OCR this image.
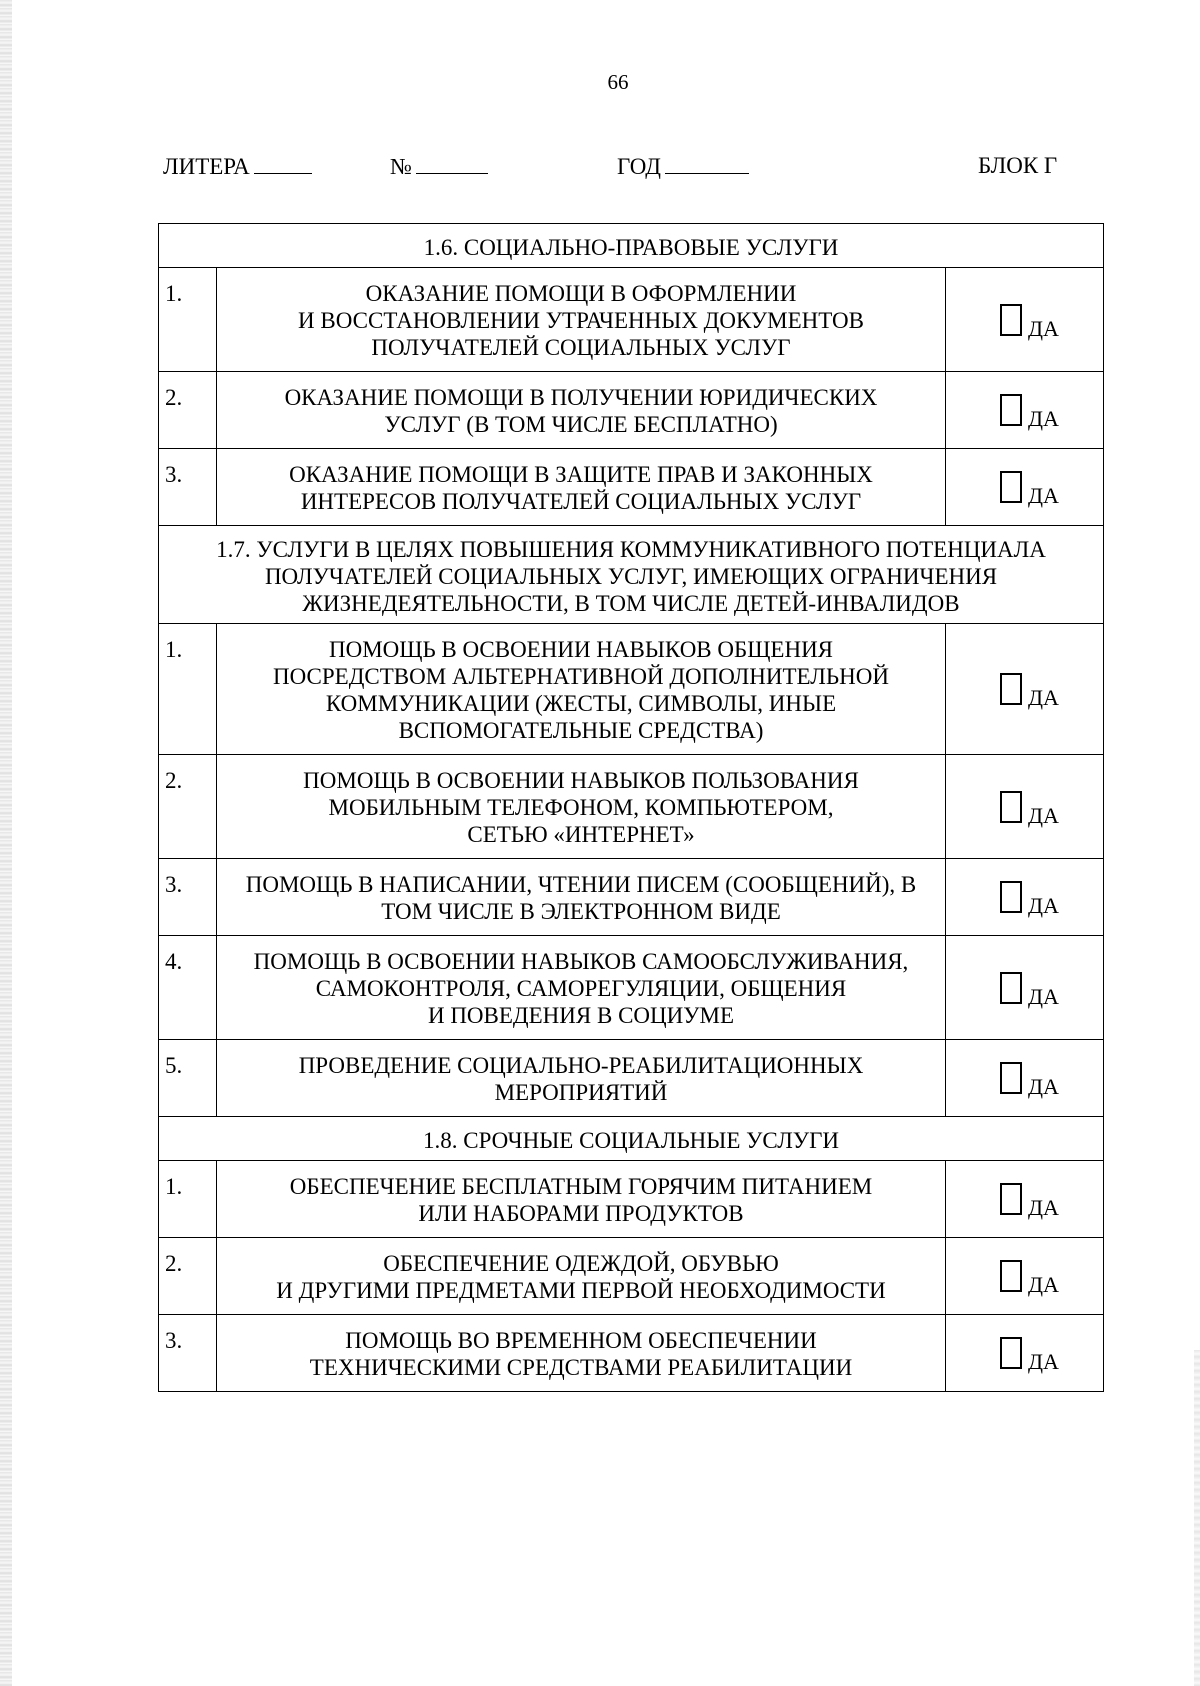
66
ЛИТЕРА	№	ГОД	БЛОК Г
1.6. СОЦИАЛЬНО-ПРАВОВЫЕ УСЛУГИ		
1.	ОКАЗАНИЕ ПОМОЩИ В ОФОРМЛЕНИИ
И ВОССТАНОВЛЕНИИ УТРАЧЕННЫХ ДОКУМЕНТОВ
ПОЛУЧАТЕЛЕЙ СОЦИАЛЬНЫХ УСЛУГ	ДА

2.	ОКАЗАНИЕ ПОМОЩИ В ПОЛУЧЕНИИ ЮРИДИЧЕСКИХ
УСЛУГ (В ТОМ ЧИСЛЕ БЕСПЛАТНО)	ДА

3.	ОКАЗАНИЕ ПОМОЩИ В ЗАЩИТЕ ПРАВ И ЗАКОННЫХ
ИНТЕРЕСОВ ПОЛУЧАТЕЛЕЙ СОЦИАЛЬНЫХ УСЛУГ	ДА

1.7. УСЛУГИ В ЦЕЛЯХ ПОВЫШЕНИЯ КОММУНИКАТИВНОГО ПОТЕНЦИАЛА
ПОЛУЧАТЕЛЕЙ СОЦИАЛЬНЫХ УСЛУГ, ИМЕЮЩИХ ОГРАНИЧЕНИЯ
ЖИЗНЕДЕЯТЕЛЬНОСТИ, В ТОМ ЧИСЛЕ ДЕТЕЙ-ИНВАЛИДОВ		
1.	ПОМОЩЬ В ОСВОЕНИИ НАВЫКОВ ОБЩЕНИЯ
ПОСРЕДСТВОМ АЛЬТЕРНАТИВНОЙ ДОПОЛНИТЕЛЬНОЙ
КОММУНИКАЦИИ (ЖЕСТЫ, СИМВОЛЫ, ИНЫЕ
ВСПОМОГАТЕЛЬНЫЕ СРЕДСТВА)	ДА

2.	ПОМОЩЬ В ОСВОЕНИИ НАВЫКОВ ПОЛЬЗОВАНИЯ
МОБИЛЬНЫМ ТЕЛЕФОНОМ, КОМПЬЮТЕРОМ,
СЕТЬЮ «ИНТЕРНЕТ»	ДА

3.	ПОМОЩЬ В НАПИСАНИИ, ЧТЕНИИ ПИСЕМ (СООБЩЕНИЙ), В
ТОМ ЧИСЛЕ В ЭЛЕКТРОННОМ ВИДЕ	ДА

4.	ПОМОЩЬ В ОСВОЕНИИ НАВЫКОВ САМООБСЛУЖИВАНИЯ,
САМОКОНТРОЛЯ, САМОРЕГУЛЯЦИИ, ОБЩЕНИЯ
И ПОВЕДЕНИЯ В СОЦИУМЕ	ДА

5.	ПРОВЕДЕНИЕ СОЦИАЛЬНО-РЕАБИЛИТАЦИОННЫХ
МЕРОПРИЯТИЙ	ДА

1.8. СРОЧНЫЕ СОЦИАЛЬНЫЕ УСЛУГИ		
1.	ОБЕСПЕЧЕНИЕ БЕСПЛАТНЫМ ГОРЯЧИМ ПИТАНИЕМ
ИЛИ НАБОРАМИ ПРОДУКТОВ	ДА

2.	ОБЕСПЕЧЕНИЕ ОДЕЖДОЙ, ОБУВЬЮ
И ДРУГИМИ ПРЕДМЕТАМИ ПЕРВОЙ НЕОБХОДИМОСТИ	ДА

3.	ПОМОЩЬ ВО ВРЕМЕННОМ ОБЕСПЕЧЕНИИ
ТЕХНИЧЕСКИМИ СРЕДСТВАМИ РЕАБИЛИТАЦИИ	ДА
